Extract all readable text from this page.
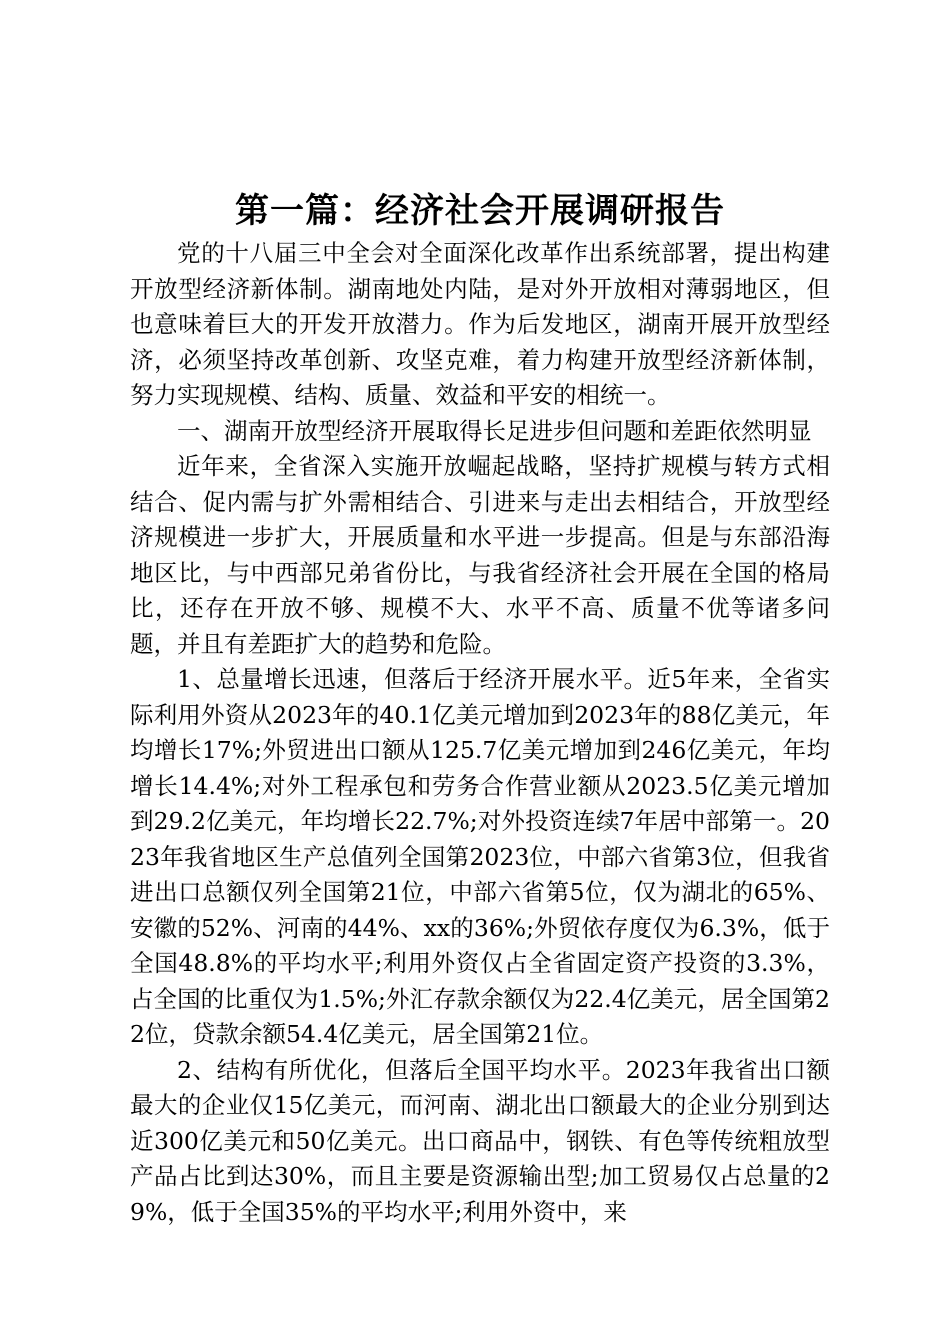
第一篇：经济社会开展调研报告

党的十八届三中全会对全面深化改革作出系统部署，提出构建开放型经济新体制。湖南地处内陆，是对外开放相对薄弱地区，但也意味着巨大的开发开放潜力。作为后发地区，湖南开展开放型经济，必须坚持改革创新、攻坚克难，着力构建开放型经济新体制，努力实现规模、结构、质量、效益和平安的相统一。

一、湖南开放型经济开展取得长足进步但问题和差距依然明显

近年来，全省深入实施开放崛起战略，坚持扩规模与转方式相结合、促内需与扩外需相结合、引进来与走出去相结合，开放型经济规模进一步扩大，开展质量和水平进一步提高。但是与东部沿海地区比，与中西部兄弟省份比，与我省经济社会开展在全国的格局比，还存在开放不够、规模不大、水平不高、质量不优等诸多问题，并且有差距扩大的趋势和危险。

1、总量增长迅速，但落后于经济开展水平。近5年来，全省实际利用外资从2023年的40.1亿美元增加到2023年的88亿美元，年均增长17%;外贸进出口额从125.7亿美元增加到246亿美元，年均增长14.4%;对外工程承包和劳务合作营业额从2023.5亿美元增加到29.2亿美元，年均增长22.7%;对外投资连续7年居中部第一。2023年我省地区生产总值列全国第2023位，中部六省第3位，但我省进出口总额仅列全国第21位，中部六省第5位，仅为湖北的65%、安徽的52%、河南的44%、xx的36%;外贸依存度仅为6.3%，低于全国48.8%的平均水平;利用外资仅占全省固定资产投资的3.3%，占全国的比重仅为1.5%;外汇存款余额仅为22.4亿美元，居全国第22位，贷款余额54.4亿美元，居全国第21位。

2、结构有所优化，但落后全国平均水平。2023年我省出口额最大的企业仅15亿美元，而河南、湖北出口额最大的企业分别到达近300亿美元和50亿美元。出口商品中，钢铁、有色等传统粗放型产品占比到达30%，而且主要是资源输出型;加工贸易仅占总量的29%，低于全国35%的平均水平;利用外资中，来
